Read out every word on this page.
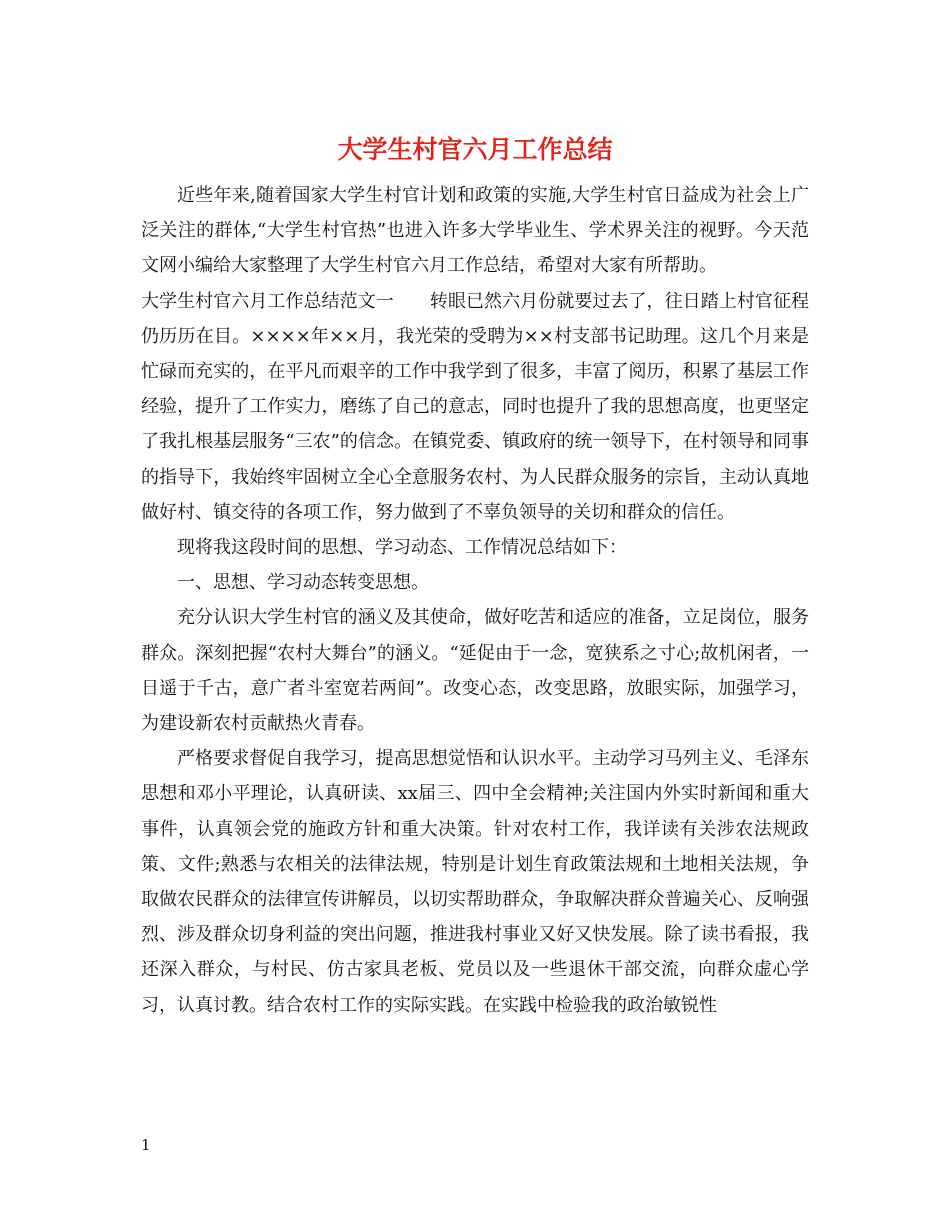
大学生村官六月工作总结

近些年来,随着国家大学生村官计划和政策的实施,大学生村官日益成为社会上广泛关注的群体,“大学生村官热”也进入许多大学毕业生、学术界关注的视野。今天范文网小编给大家整理了大学生村官六月工作总结，希望对大家有所帮助。

大学生村官六月工作总结范文一　　转眼已然六月份就要过去了，往日踏上村官征程仍历历在目。××××年××月，我光荣的受聘为××村支部书记助理。这几个月来是忙碌而充实的，在平凡而艰辛的工作中我学到了很多，丰富了阅历，积累了基层工作经验，提升了工作实力，磨练了自己的意志，同时也提升了我的思想高度，也更坚定了我扎根基层服务“三农”的信念。在镇党委、镇政府的统一领导下，在村领导和同事的指导下，我始终牢固树立全心全意服务农村、为人民群众服务的宗旨，主动认真地做好村、镇交待的各项工作，努力做到了不辜负领导的关切和群众的信任。

现将我这段时间的思想、学习动态、工作情况总结如下：

一、思想、学习动态转变思想。

充分认识大学生村官的涵义及其使命，做好吃苦和适应的准备，立足岗位，服务群众。深刻把握“农村大舞台”的涵义。“延促由于一念，宽狭系之寸心;故机闲者，一日遥于千古，意广者斗室宽若两间”。改变心态，改变思路，放眼实际，加强学习，为建设新农村贡献热火青春。

严格要求督促自我学习，提高思想觉悟和认识水平。主动学习马列主义、毛泽东思想和邓小平理论，认真研读、xx届三、四中全会精神;关注国内外实时新闻和重大事件，认真领会党的施政方针和重大决策。针对农村工作，我详读有关涉农法规政策、文件;熟悉与农相关的法律法规，特别是计划生育政策法规和土地相关法规，争取做农民群众的法律宣传讲解员，以切实帮助群众，争取解决群众普遍关心、反响强烈、涉及群众切身利益的突出问题，推进我村事业又好又快发展。除了读书看报，我还深入群众，与村民、仿古家具老板、党员以及一些退休干部交流，向群众虚心学习，认真讨教。结合农村工作的实际实践。在实践中检验我的政治敏锐性

1
